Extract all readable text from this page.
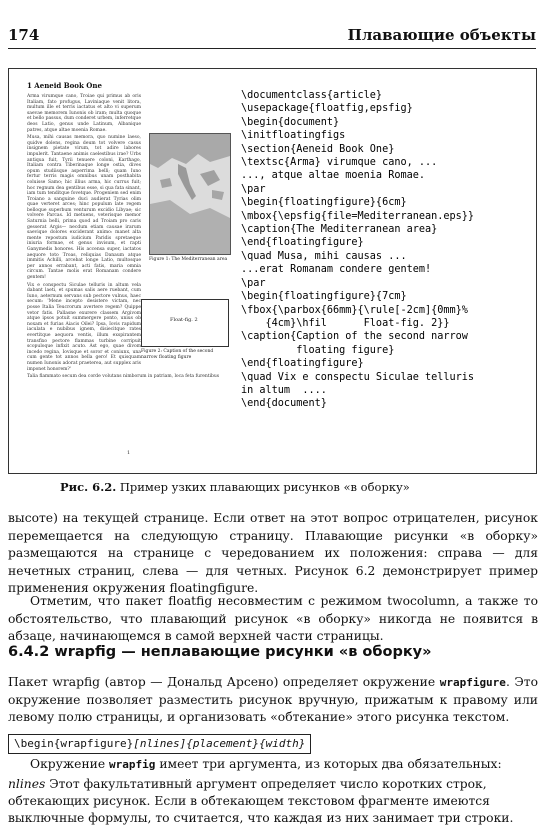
174	Плавающие объекты
1 Aeneid Book One

Arma virumque cano, Troiae qui primus ab oris Italiam, fato profugus, Laviniaque venit litora, multum ille et terris iactatus et alto vi superum saevae memorem Iunonis ob iram; multa quoque et bello passus, dum conderet urbem, inferretque deos Latio, genus unde Latinum, Albanique patres, atque altae moenia Romae.

Musa, mihi causas memora, quo numine laeso, quidve dolens, regina deum tot volvere casus insignem pietate virum, tot adire labores impulerit. Tantaene animis caelestibus irae? Urbs antiqua fuit, Tyrii tenuere coloni, Karthago, Italiam contra Tiberinaque longe ostia, dives opum studiisque asperrima belli; quam Iuno fertur terris magis omnibus unam posthabita coluisse Samo; hic illius arma, hic currus fuit; hoc regnum dea gentibus esse, si qua fata sinant, iam tum tenditque fovetque. Progeniem sed enim Troiano a sanguine duci audierat Tyrias olim quae verteret arces; hinc populum late regem belloque superbum venturum excidio Libyae; sic volvere Parcas. Id metuens, veterisque memor Saturnia belli, prima quod ad Troiam pro caris gesserat Argis— necdum etiam causae irarum saevique dolores exciderant animo: manet alta mente repostum iudicium Paridis spretaeque iniuria formae, et genus invisum, et rapti Ganymedis honores. His accensa super, iactatos aequore toto Troas, reliquias Danaum atque immitis Achilli, arcebat longe Latio, multosque per annos errabant, acti fatis, maria omnia circum. Tantae molis erat Romanam condere gentem!

Vix e conspectu Siculae telluris in altum vela dabant laeti, et spumas salis aere ruebant, cum Iuno, aeternum servans sub pectore vulnus, haec secum: 'Mene incepto desistere victam, nec posse Italia Teucrorum avertere regem? Quippe vetor fatis. Pallasne exurere classem Argivom atque ipsos potuit summergere ponto, unius ob noxam et furias Aiacis Oilei? Ipsa, Iovis rapidum iaculata e nubibus ignem, disiecitque rates evertitque aequora ventis, illum exspirantem transfixo pectore flammas turbine corripuit scopuloque infixit acuto. Ast ego, quae divom incedo regina, Iovisque et soror et coniunx, una cum gente tot annos bella gero! Et quisquam numen Iunonis adorat praeterea, aut supplex aris imponet honorem?'

Talia flammato secum dea corde volutans nimborum in patriam, loca feta furentibus

Figure 1: The Mediterranean area
Float-fig. 2
Figure 2: Caption of the second narrow floating figure
1
\documentclass{article}
\usepackage{floatfig,epsfig}
\begin{document}
\initfloatingfigs
\section{Aeneid Book One}
\textsc{Arma} virumque cano, ...
..., atque altae moenia Romae.
\par
\begin{floatingfigure}{6cm}
\mbox{\epsfig{file=Mediterranean.eps}}
\caption{The Mediterranean area}
\end{floatingfigure}
\quad Musa, mihi causas ...
...erat Romanam condere gentem!
\par
\begin{floatingfigure}{7cm}
\fbox{\parbox{66mm}{\rule[-2cm]{0mm}%
{4cm}\hfil      Float-fig. 2}}
\caption{Caption of the second narrow
floating figure}
\end{floatingfigure}
\quad Vix e conspectu Siculae telluris
in altum  ....
\end{document}
Рис. 6.2. Пример узких плавающих рисунков «в оборку»

высоте) на текущей странице. Если ответ на этот вопрос отрицателен, рисунок перемещается на следующую страницу. Плавающие рисунки «в оборку» размещаются на странице с чередованием их положения: справа — для нечетных страниц, слева — для четных. Рисунок 6.2 демонстрирует пример применения окружения floatingfigure.

Отметим, что пакет floatfig несовместим с режимом twocolumn, а также то обстоятельство, что плавающий рисунок «в оборку» никогда не появится в абзаце, начинающемся в самой верхней части страницы.

6.4.2 wrapfig — неплавающие рисунки «в оборку»

Пакет wrapfig (автор — Дональд Арсено) определяет окружение wrapfigure. Это окружение позволяет разместить рисунок вручную, прижатым к правому или левому полю страницы, и организовать «обтекание» этого рисунка текстом.

\begin{wrapfigure}[nlines]{placement}{width}

Окружение wrapfig имеет три аргумента, из которых два обязательных:

nlines Этот факультативный аргумент определяет число коротких строк, обтекающих рисунок. Если в обтекающем текстовом фрагменте имеются выключные формулы, то считается, что каждая из них занимает три строки.
